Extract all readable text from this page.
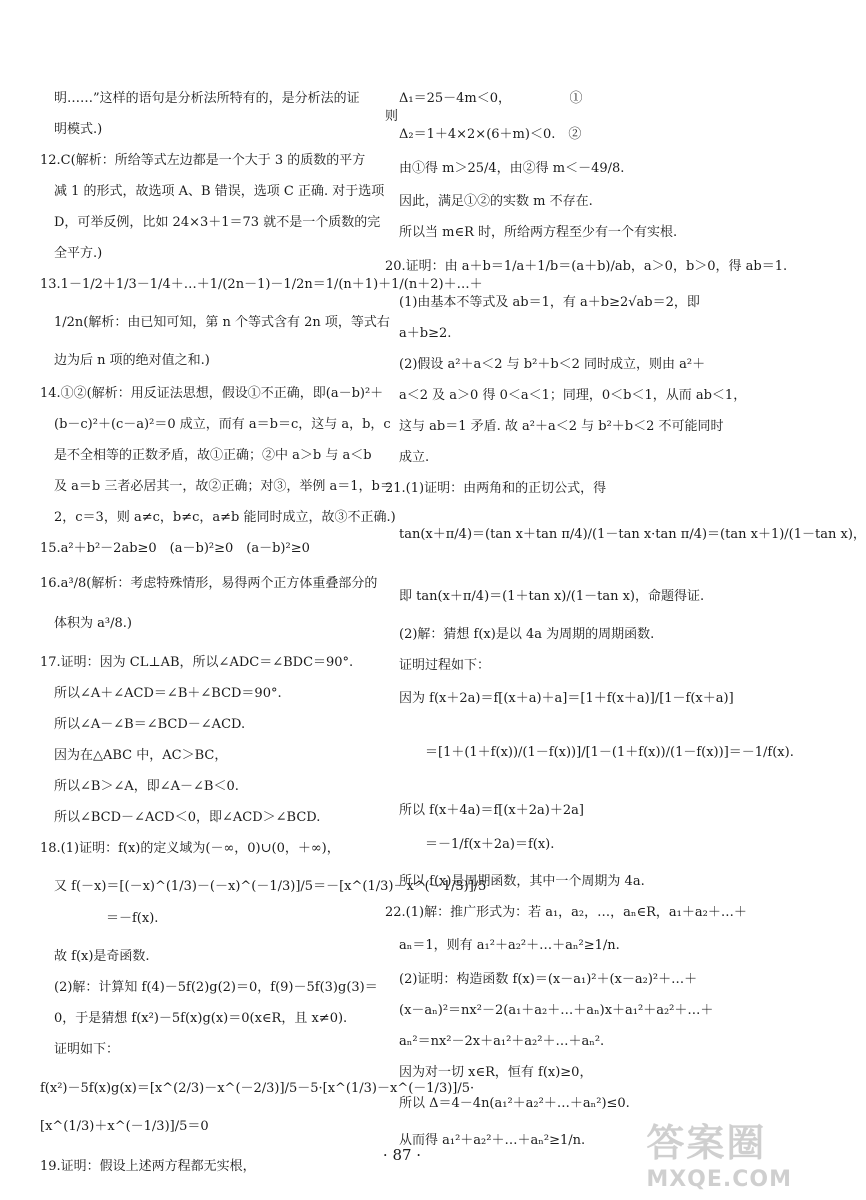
明……”这样的语句是分析法所特有的，是分析法的证
明模式.)
12.C(解析：所给等式左边都是一个大于 3 的质数的平方
减 1 的形式，故选项 A、B 错误，选项 C 正确. 对于选项
D，可举反例，比如 24×3＋1＝73 就不是一个质数的完
全平方.)
13.1－1/2＋1/3－1/4＋…＋1/(2n－1)－1/2n＝1/(n＋1)＋1/(n＋2)＋…＋
1/2n(解析：由已知可知，第 n 个等式含有 2n 项，等式右
边为后 n 项的绝对值之和.)
14.①②(解析：用反证法思想，假设①不正确，即(a－b)²＋
(b－c)²＋(c－a)²＝0 成立，而有 a＝b＝c，这与 a，b，c
是不全相等的正数矛盾，故①正确；②中 a＞b 与 a＜b
及 a＝b 三者必居其一，故②正确；对③，举例 a＝1，b＝
2，c＝3，则 a≠c，b≠c，a≠b 能同时成立，故③不正确.)
15.a²＋b²－2ab≥0　(a－b)²≥0　(a－b)²≥0
16.a³/8(解析：考虑特殊情形，易得两个正方体重叠部分的
体积为 a³/8.)
17.证明：因为 CL⊥AB，所以∠ADC＝∠BDC＝90°.
所以∠A＋∠ACD＝∠B＋∠BCD＝90°.
所以∠A－∠B＝∠BCD－∠ACD.
因为在△ABC 中，AC＞BC，
所以∠B＞∠A，即∠A－∠B＜0.
所以∠BCD－∠ACD＜0，即∠ACD＞∠BCD.
18.(1)证明：f(x)的定义域为(－∞，0)∪(0，＋∞)，
又 f(－x)＝[(－x)^(1/3)－(－x)^(－1/3)]/5＝－[x^(1/3)－x^(－1/3)]/5
　　　　＝－f(x).
故 f(x)是奇函数.
(2)解：计算知 f(4)－5f(2)g(2)＝0，f(9)－5f(3)g(3)＝
0，于是猜想 f(x²)－5f(x)g(x)＝0(x∈R，且 x≠0).
证明如下：
f(x²)－5f(x)g(x)＝[x^(2/3)－x^(－2/3)]/5－5·[x^(1/3)－x^(－1/3)]/5·
[x^(1/3)＋x^(－1/3)]/5＝0
19.证明：假设上述两方程都无实根，
Δ₁＝25－4m＜0，　　　　　①
则
Δ₂＝1＋4×2×(6＋m)＜0.　②
由①得 m＞25/4，由②得 m＜－49/8.
因此，满足①②的实数 m 不存在.
所以当 m∈R 时，所给两方程至少有一个有实根.
20.证明：由 a＋b＝1/a＋1/b＝(a＋b)/ab，a＞0，b＞0，得 ab＝1.
(1)由基本不等式及 ab＝1，有 a＋b≥2√ab＝2，即
a＋b≥2.
(2)假设 a²＋a＜2 与 b²＋b＜2 同时成立，则由 a²＋
a＜2 及 a＞0 得 0＜a＜1；同理，0＜b＜1，从而 ab＜1，
这与 ab＝1 矛盾. 故 a²＋a＜2 与 b²＋b＜2 不可能同时
成立.
21.(1)证明：由两角和的正切公式，得
tan(x＋π/4)＝(tan x＋tan π/4)/(1－tan x·tan π/4)＝(tan x＋1)/(1－tan x)，
即 tan(x＋π/4)＝(1＋tan x)/(1－tan x)，命题得证.
(2)解：猜想 f(x)是以 4a 为周期的周期函数.
证明过程如下：
因为 f(x＋2a)＝f[(x＋a)＋a]＝[1＋f(x＋a)]/[1－f(x＋a)]
　　＝[1＋(1＋f(x))/(1－f(x))]/[1－(1＋f(x))/(1－f(x))]＝－1/f(x).
所以 f(x＋4a)＝f[(x＋2a)＋2a]
　　＝－1/f(x＋2a)＝f(x).
所以 f(x)是周期函数，其中一个周期为 4a.
22.(1)解：推广形式为：若 a₁，a₂，…，aₙ∈R，a₁＋a₂＋…＋
aₙ＝1，则有 a₁²＋a₂²＋…＋aₙ²≥1/n.
(2)证明：构造函数 f(x)＝(x－a₁)²＋(x－a₂)²＋…＋
(x－aₙ)²＝nx²－2(a₁＋a₂＋…＋aₙ)x＋a₁²＋a₂²＋…＋
aₙ²＝nx²－2x＋a₁²＋a₂²＋…＋aₙ².
因为对一切 x∈R，恒有 f(x)≥0，
所以 Δ＝4－4n(a₁²＋a₂²＋…＋aₙ²)≤0.
从而得 a₁²＋a₂²＋…＋aₙ²≥1/n.
· 87 ·	答案圈
MXQE.COM
